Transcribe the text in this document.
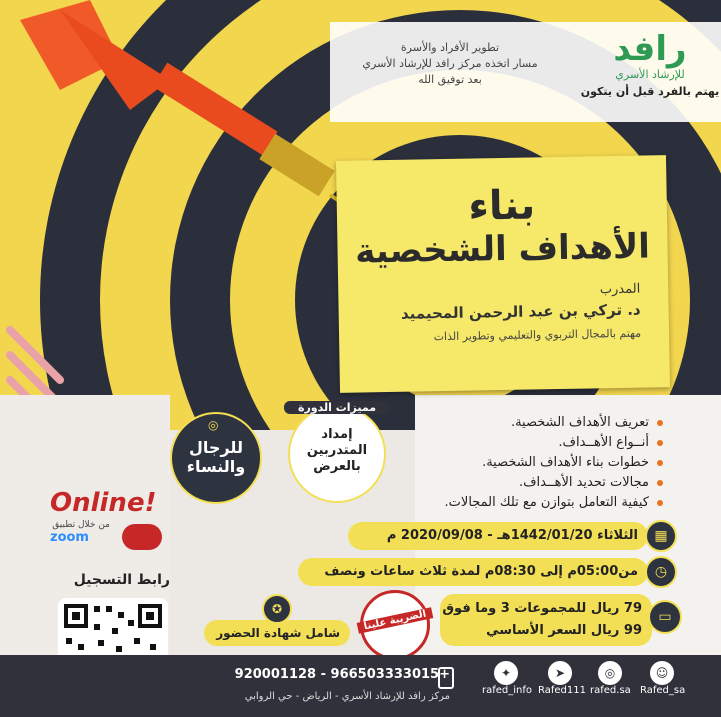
رافد
للإرشاد الأسري
يهتم بالفرد قبل أن يتكون
تطوير الأفراد والأسرة
مسار اتخذه مركز رافد للإرشاد الأسري
بعد توفيق الله
بناء
الأهداف الشخصية
المدرب
د. تركي بن عبد الرحمن المحيميد
مهتم بالمجال التربوي والتعليمي وتطوير الذات
◎
للرجال والنساء
مميزات الدورة
إمداد المتدربين بالعرض
تعريف الأهداف الشخصية.
أنــواع الأهــداف.
خطوات بناء الأهداف الشخصية.
مجالات تحديد الأهــداف.
كيفية التعامل بتوازن مع تلك المجالات.
الثلاثاء 1442/01/20هـ - 2020/09/08 م	▦
من05:00م إلى 08:30م لمدة ثلاث ساعات ونصف	◷
79 ريال للمجموعات 3 وما فوق
99 ريال السعر الأساسي
▭
الضريبة علينا
شامل شهادة الحضور
✪
Online!
من خلال تطبيق
zoom
رابط التسجيل
+966503333015 - 920001128
مركز رافد للإرشاد الأسري - الرياض - حي الروابي
✦
rafed_info
➤
Rafed111
◎
rafed.sa
☺
Rafed_sa
